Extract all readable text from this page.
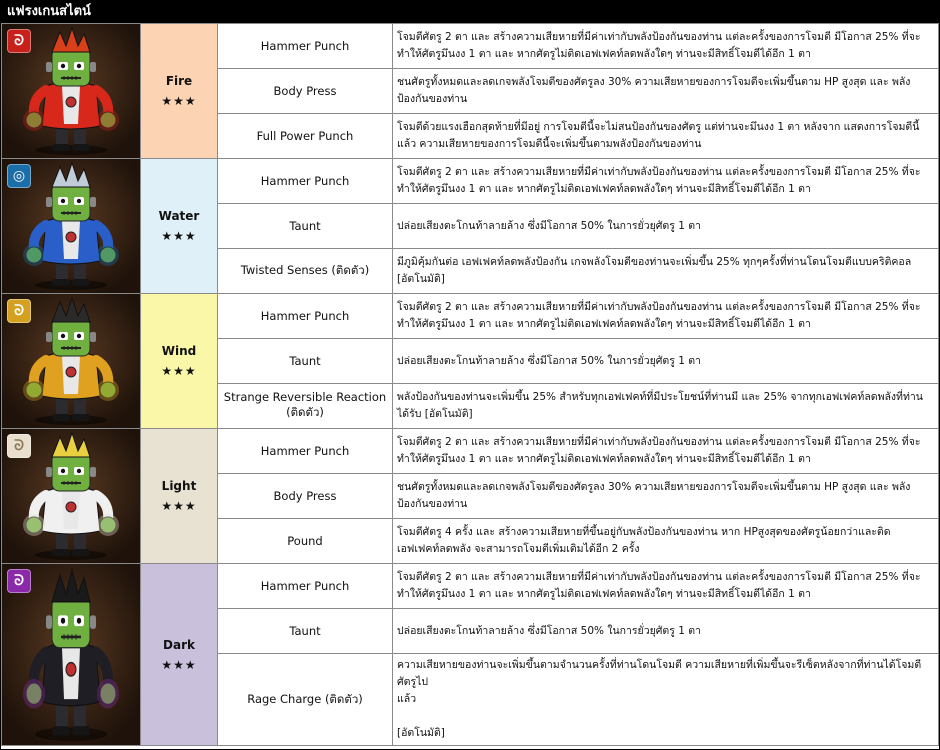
แฟรงเกนสไตน์
ᘐ	Fire
★★★	Hammer Punch	โจมตีศัตรู 2 ตา และ สร้างความเสียหายที่มีค่าเท่ากับพลังป้องกันของท่าน แต่ละครั้งของการโจมตี มีโอกาส 25% ที่จะทำให้ศัตรูมึนงง 1 ตา และ หากศัตรูไม่ติดเอฟเฟคท์ลดพลังใดๆ ท่านจะมีสิทธิ์โจมตีได้อีก 1 ตา
		Body Press	ชนศัตรูทั้งหมดและลดเกจพลังโจมตีของศัตรูลง 30% ความเสียหายของการโจมตีจะเพิ่มขึ้นตาม HP สูงสุด และ พลังป้องกันของท่าน
		Full Power Punch	โจมตีด้วยแรงเฮือกสุดท้ายที่มีอยู่ การโจมตีนี้จะไม่สนป้องกันของศัตรู แต่ท่านจะมึนงง 1 ตา หลังจาก แสดงการโจมตีนี้แล้ว ความเสียหายของการโจมตีนี้จะเพิ่มขึ้นตามพลังป้องกันของท่าน

◎	Water
★★★	Hammer Punch	โจมตีศัตรู 2 ตา และ สร้างความเสียหายที่มีค่าเท่ากับพลังป้องกันของท่าน แต่ละครั้งของการโจมตี มีโอกาส 25% ที่จะทำให้ศัตรูมึนงง 1 ตา และ หากศัตรูไม่ติดเอฟเฟคท์ลดพลังใดๆ ท่านจะมีสิทธิ์โจมตีได้อีก 1 ตา
		Taunt	ปล่อยเสียงตะโกนท้าลายล้าง ซึ่งมีโอกาส 50% ในการยั่วยุศัตรู 1 ตา
		Twisted Senses (ติดตัว)	มีภูมิคุ้มกันต่อ เอฟเฟคท์ลดพลังป้องกัน เกจพลังโจมตีของท่านจะเพิ่มขึ้น 25% ทุกๆครั้งที่ท่านโดนโจมตีแบบคริติคอล [อัตโนมัติ]

ᘐ	Wind
★★★	Hammer Punch	โจมตีศัตรู 2 ตา และ สร้างความเสียหายที่มีค่าเท่ากับพลังป้องกันของท่าน แต่ละครั้งของการโจมตี มีโอกาส 25% ที่จะทำให้ศัตรูมึนงง 1 ตา และ หากศัตรูไม่ติดเอฟเฟคท์ลดพลังใดๆ ท่านจะมีสิทธิ์โจมตีได้อีก 1 ตา
		Taunt	ปล่อยเสียงตะโกนท้าลายล้าง ซึ่งมีโอกาส 50% ในการยั่วยุศัตรู 1 ตา
		Strange Reversible Reaction (ติดตัว)	พลังป้องกันของท่านจะเพิ่มขึ้น 25% สำหรับทุกเอฟเฟคท์ที่มีประโยชน์ที่ท่านมี และ 25% จากทุกเอฟเฟคท์ลดพลังที่ท่านได้รับ [อัตโนมัติ]

ᘐ	Light
★★★	Hammer Punch	โจมตีศัตรู 2 ตา และ สร้างความเสียหายที่มีค่าเท่ากับพลังป้องกันของท่าน แต่ละครั้งของการโจมตี มีโอกาส 25% ที่จะทำให้ศัตรูมึนงง 1 ตา และ หากศัตรูไม่ติดเอฟเฟคท์ลดพลังใดๆ ท่านจะมีสิทธิ์โจมตีได้อีก 1 ตา
		Body Press	ชนศัตรูทั้งหมดและลดเกจพลังโจมตีของศัตรูลง 30% ความเสียหายของการโจมตีจะเพิ่มขึ้นตาม HP สูงสุด และ พลังป้องกันของท่าน
		Pound	โจมตีศัตรู 4 ครั้ง และ สร้างความเสียหายที่ขึ้นอยู่กับพลังป้องกันของท่าน หาก HPสูงสุดของศัตรูน้อยกว่าและติดเอฟเฟคท์ลดพลัง จะสามารถโจมตีเพิ่มเติมได้อีก 2 ครั้ง

ᘐ	Dark
★★★	Hammer Punch	โจมตีศัตรู 2 ตา และ สร้างความเสียหายที่มีค่าเท่ากับพลังป้องกันของท่าน แต่ละครั้งของการโจมตี มีโอกาส 25% ที่จะทำให้ศัตรูมึนงง 1 ตา และ หากศัตรูไม่ติดเอฟเฟคท์ลดพลังใดๆ ท่านจะมีสิทธิ์โจมตีได้อีก 1 ตา
		Taunt	ปล่อยเสียงตะโกนท้าลายล้าง ซึ่งมีโอกาส 50% ในการยั่วยุศัตรู 1 ตา
		Rage Charge (ติดตัว)	ความเสียหายของท่านจะเพิ่มขึ้นตามจำนวนครั้งที่ท่านโดนโจมตี ความเสียหายที่เพิ่มขึ้นจะรีเซ็ตหลังจากที่ท่านได้โจมตีศัตรูไป
แล้ว

[อัตโนมัติ]
